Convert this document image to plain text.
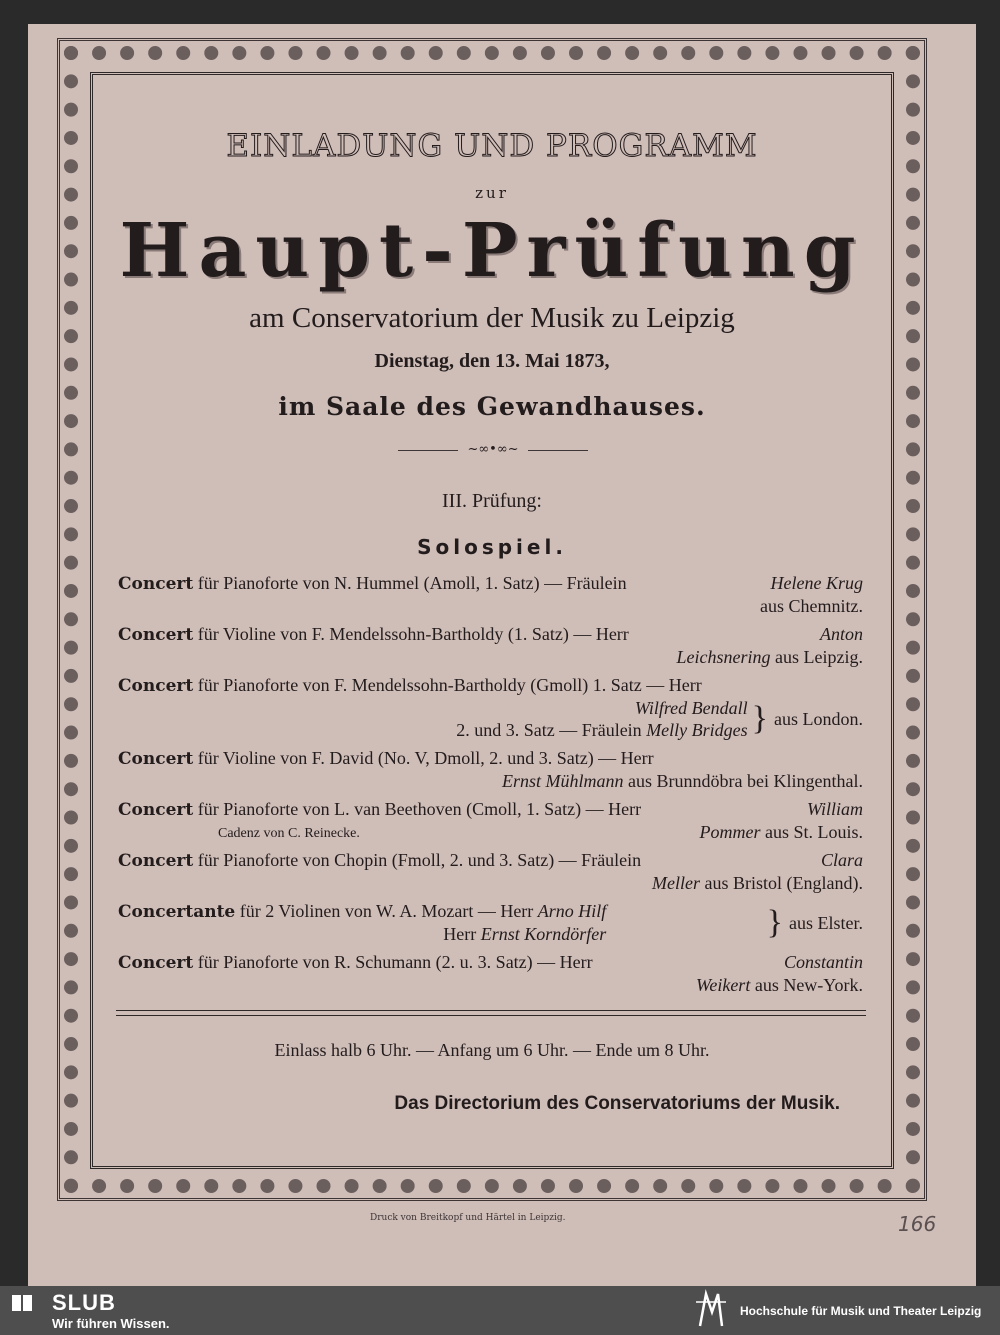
EINLADUNG UND PROGRAMM
zur
Haupt-Prüfung
am Conservatorium der Musik zu Leipzig
Dienstag, den 13. Mai 1873,
im Saale des Gewandhauses.
~∞•∞~
III. Prüfung:
Solospiel.
Concert für Pianoforte von N. Hummel (Amoll, 1. Satz) — Fräulein	Helene Krug
aus Chemnitz.
Concert für Violine von F. Mendelssohn-Bartholdy (1. Satz) — Herr	Anton
Leichsnering aus Leipzig.
Concert für Pianoforte von F. Mendelssohn-Bartholdy (Gmoll) 1. Satz — Herr
Wilfred Bendall
2. und 3. Satz — Fräulein Melly Bridges } aus London.
Concert für Violine von F. David (No. V, Dmoll, 2. und 3. Satz) — Herr
Ernst Mühlmann aus Brunndöbra bei Klingenthal.
Concert für Pianoforte von L. van Beethoven (Cmoll, 1. Satz) — Herr	William
Cadenz von C. Reinecke.	Pommer aus St. Louis.
Concert für Pianoforte von Chopin (Fmoll, 2. und 3. Satz) — Fräulein	Clara
Meller aus Bristol (England).
Concertante für 2 Violinen von W. A. Mozart — Herr Arno Hilf
Herr Ernst Korndörfer	} aus Elster.
Concert für Pianoforte von R. Schumann (2. u. 3. Satz) — Herr	Constantin
Weikert aus New-York.
Einlass halb 6 Uhr. — Anfang um 6 Uhr. — Ende um 8 Uhr.
Das Directorium des Conservatoriums der Musik.
Druck von Breitkopf und Härtel in Leipzig.	166
SLUB
Wir führen Wissen.
Hochschule für Musik und Theater Leipzig
